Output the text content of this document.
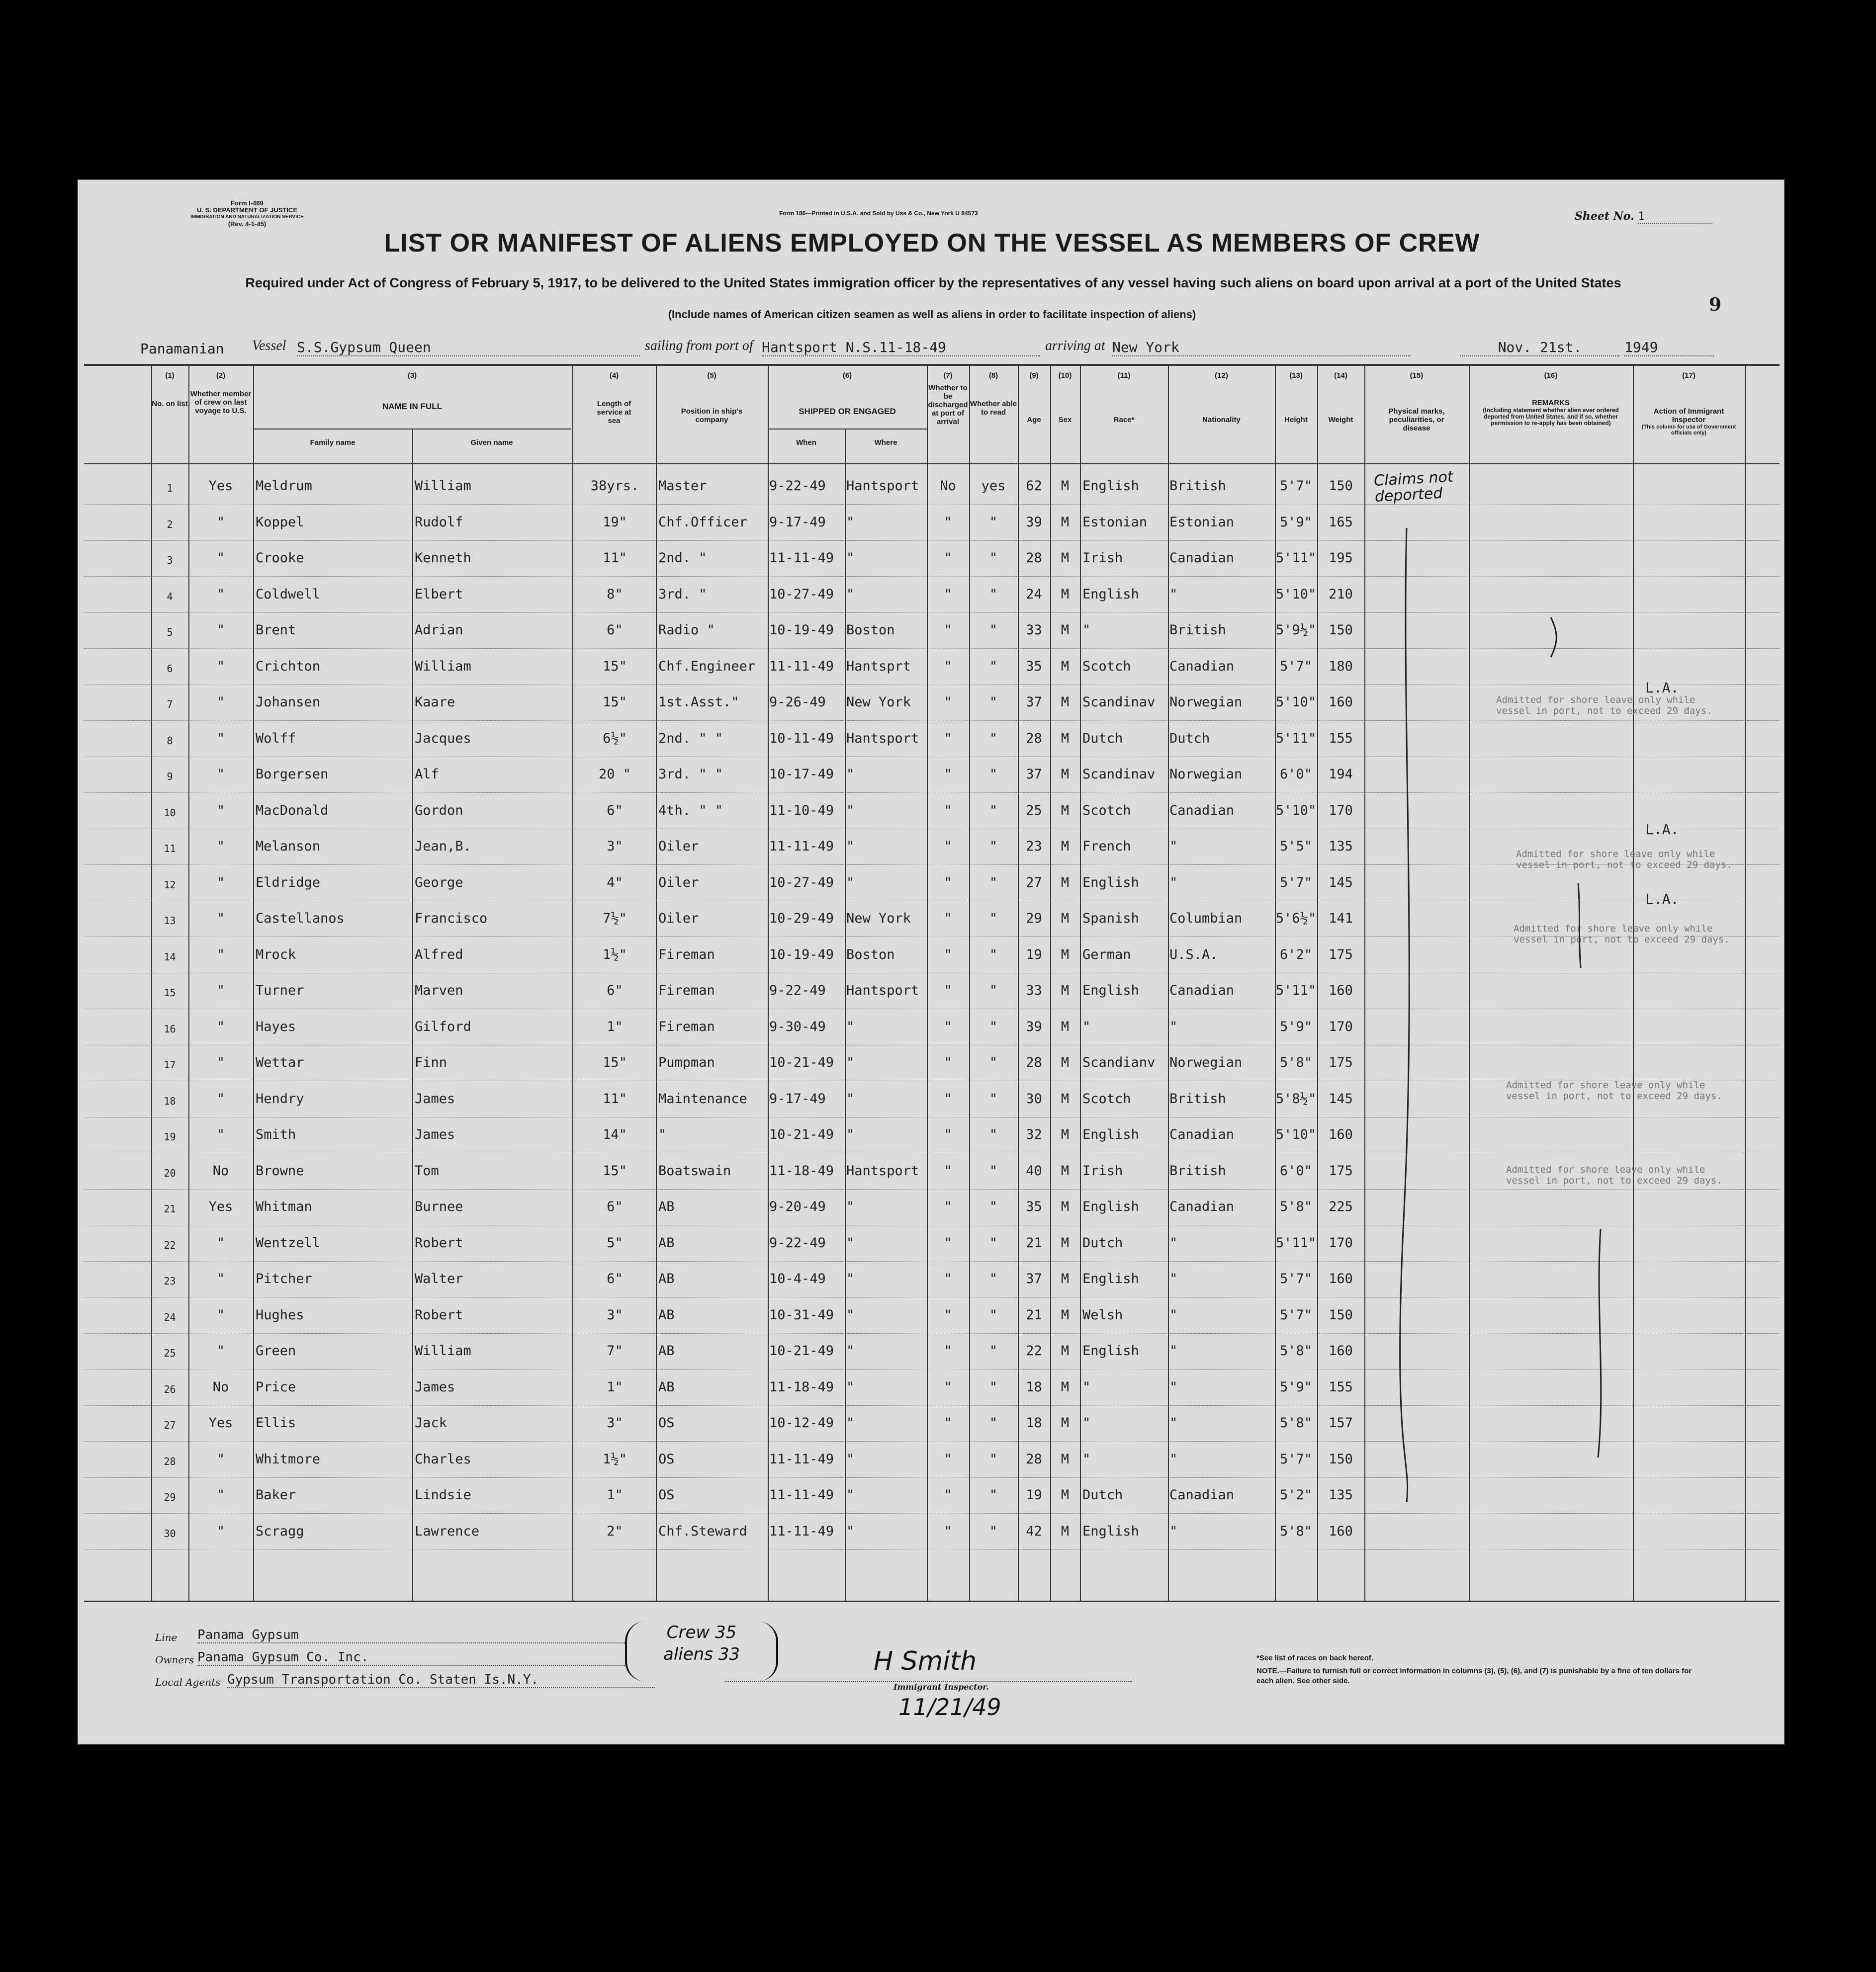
Form I-489
U. S. DEPARTMENT OF JUSTICE
IMMIGRATION AND NATURALIZATION SERVICE
(Rev. 4-1-45)
Form 186—Printed in U.S.A. and Sold by Uss & Co., New York U 84573	Sheet No. 1
LIST OR MANIFEST OF ALIENS EMPLOYED ON THE VESSEL AS MEMBERS OF CREW
Required under Act of Congress of February 5, 1917, to be delivered to the United States immigration officer by the representatives of any vessel having such aliens on board upon arrival at a port of the United States
(Include names of American citizen seamen as well as aliens in order to facilitate inspection of aliens)	9
Panamanian Vessel S.S.Gypsum Queen	sailing from port of Hantsport N.S.11-18-49	arriving at New York	Nov. 21st.	1949
(1)
No. on list
(2)
Whether member of crew on last voyage to U.S.
(3)
NAME IN FULL
Family name	Given name
(4)
Length of service at sea
(5)
Position in ship's company
(6)
SHIPPED OR ENGAGED
When	Where
(7)
Whether to be discharged at port of arrival
(8)
Whether able to read
(9)
Age
(10)
Sex
(11)
Race*
(12)
Nationality
(13)
Height
(14)
Weight
(15)
Physical marks, peculiarities, or disease
(16)
REMARKS
(Including statement whether alien ever ordered deported from United States, and if so, whether permission to re-apply has been obtained)
(17)
Action of Immigrant Inspector
(This column for use of Government officials only)
1	Yes	Meldrum	William	38yrs.	Master	9-22-49	Hantsport	No	yes	62	M English	British	5'7"	150
2	"	Koppel	Rudolf	19"	Chf.Officer	9-17-49	"	"	"	39	M Estonian	Estonian	5'9"	165
3	"	Crooke	Kenneth	11"	2nd. "	11-11-49 "	"	"	28	M Irish	Canadian	5'11" 195
4	"	Coldwell	Elbert	8"	3rd. "	10-27-49 "	"	"	24	M English	"	5'10" 210
5	"	Brent	Adrian	6"	Radio "	10-19-49 Boston	"	"	33	M "	British	5'9½" 150
6	"	Crichton	William	15"	Chf.Engineer	11-11-49 Hantsprt	"	"	35	M Scotch	Canadian	5'7"	180
7	"	Johansen	Kaare	15"	1st.Asst."	9-26-49	New York	"	"	37	M Scandinav	Norwegian	5'10" 160
8	"	Wolff	Jacques	6½"	2nd. " "	10-11-49 Hantsport	"	"	28	M Dutch	Dutch	5'11" 155
9	"	Borgersen	Alf	20 "	3rd. " "	10-17-49 "	"	"	37	M Scandinav	Norwegian	6'0"	194
10	"	MacDonald	Gordon	6"	4th. " "	11-10-49 "	"	"	25	M Scotch	Canadian	5'10" 170
11	"	Melanson	Jean,B.	3"	Oiler	11-11-49 "	"	"	23	M French	"	5'5"	135
12	"	Eldridge	George	4"	Oiler	10-27-49 "	"	"	27	M English	"	5'7"	145
13	"	Castellanos	Francisco	7½"	Oiler	10-29-49 New York	"	"	29	M Spanish	Columbian	5'6½" 141
14	"	Mrock	Alfred	1½"	Fireman	10-19-49 Boston	"	"	19	M German	U.S.A.	6'2"	175
15	"	Turner	Marven	6"	Fireman	9-22-49	Hantsport	"	"	33	M English	Canadian	5'11" 160
16	"	Hayes	Gilford	1"	Fireman	9-30-49	"	"	"	39	M "	"	5'9"	170
17	"	Wettar	Finn	15"	Pumpman	10-21-49 "	"	"	28	M Scandianv	Norwegian	5'8"	175
18	"	Hendry	James	11"	Maintenance	9-17-49	"	"	"	30	M Scotch	British	5'8½" 145
19	"	Smith	James	14"	"	10-21-49 "	"	"	32	M English	Canadian	5'10" 160
20	No	Browne	Tom	15"	Boatswain	11-18-49 Hantsport	"	"	40	M Irish	British	6'0"	175
21	Yes	Whitman	Burnee	6"	AB	9-20-49	"	"	"	35	M English	Canadian	5'8"	225
22	"	Wentzell	Robert	5"	AB	9-22-49	"	"	"	21	M Dutch	"	5'11" 170
23	"	Pitcher	Walter	6"	AB	10-4-49	"	"	"	37	M English	"	5'7"	160
24	"	Hughes	Robert	3"	AB	10-31-49 "	"	"	21	M Welsh	"	5'7"	150
25	"	Green	William	7"	AB	10-21-49 "	"	"	22	M English	"	5'8"	160
26	No	Price	James	1"	AB	11-18-49 "	"	"	18	M "	"	5'9"	155
27	Yes	Ellis	Jack	3"	OS	10-12-49 "	"	"	18	M "	"	5'8"	157
28	"	Whitmore	Charles	1½"	OS	11-11-49 "	"	"	28	M "	"	5'7"	150
29	"	Baker	Lindsie	1"	OS	11-11-49 "	"	"	19	M Dutch	Canadian	5'2"	135
30	"	Scragg	Lawrence	2"	Chf.Steward	11-11-49 "	"	"	42	M English	"	5'8"	160
Admitted for shore leave only while vessel in port, not to exceed 29 days.
Admitted for shore leave only while vessel in port, not to exceed 29 days.
Admitted for shore leave only while vessel in port, not to exceed 29 days.
Admitted for shore leave only while vessel in port, not to exceed 29 days.
Admitted for shore leave only while vessel in port, not to exceed 29 days.
L.A.
L.A.
L.A.
Claims not deported
Line Panama Gypsum
Owners Panama Gypsum Co. Inc.
Local Agents Gypsum Transportation Co. Staten Is.N.Y.
Crew 35
aliens 33	H Smith
Immigrant Inspector.
11/21/49
*See list of races on back hereof.
NOTE.—Failure to furnish full or correct information in columns (3), (5), (6), and (7) is punishable by a fine of ten dollars for each alien. See other side.
